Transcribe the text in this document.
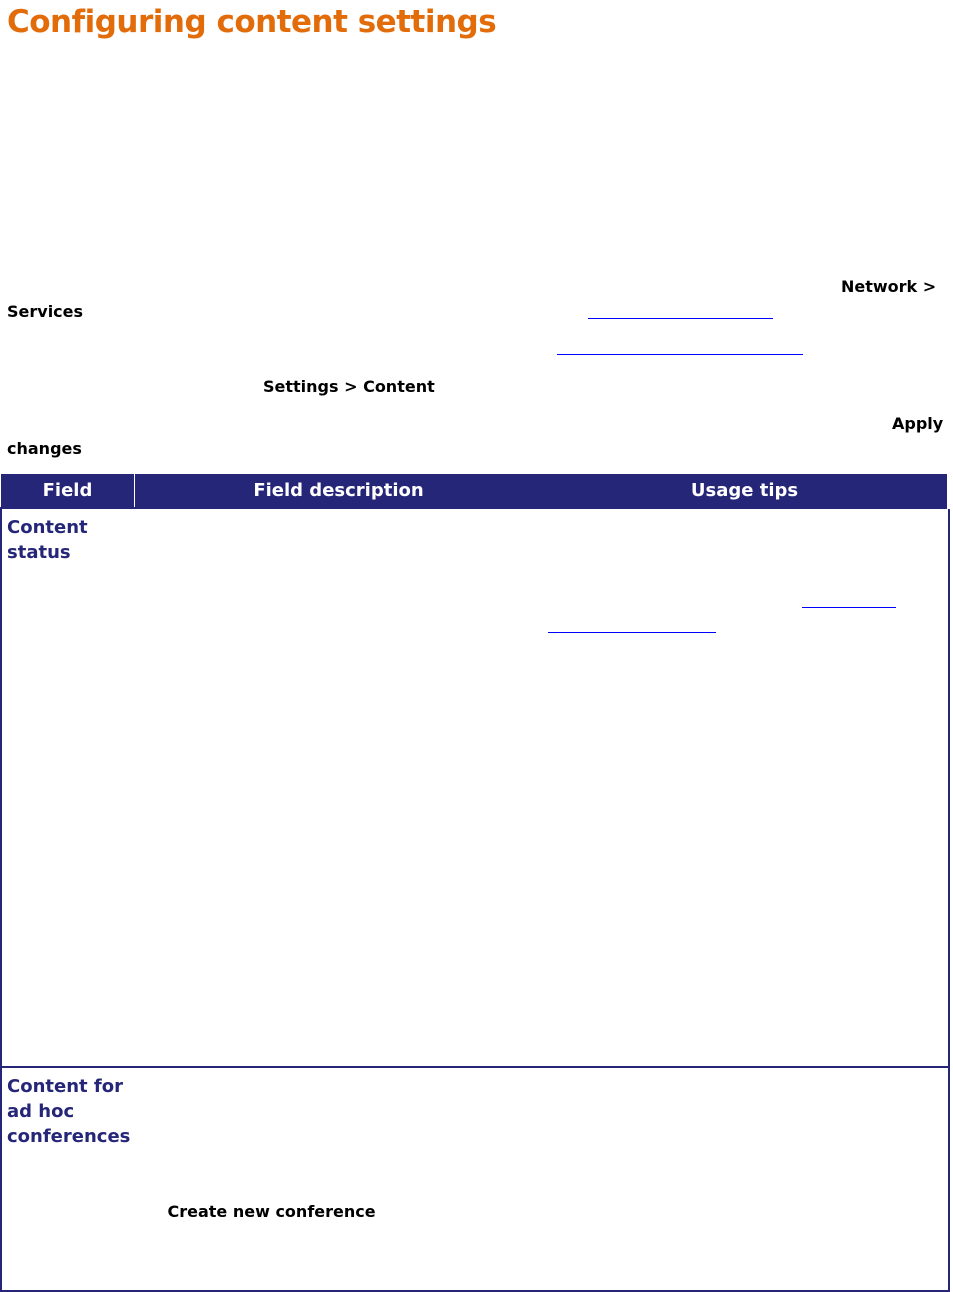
Configuring content settings
Network >
Services
Settings > Content
Apply
changes
Field	Field description	Usage tips

Content status		

Content for ad hoc conferences	Create new conference	
